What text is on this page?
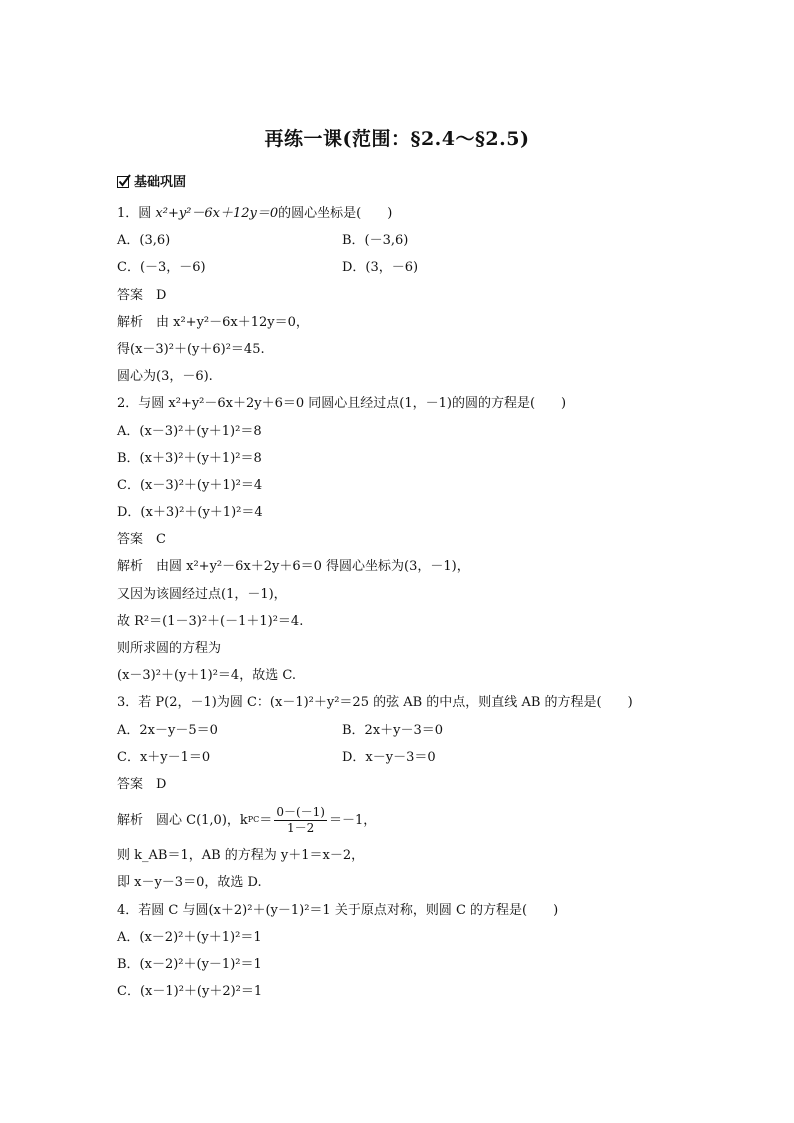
再练一课(范围：§2.4～§2.5)
基础巩固
1．圆 x²+y²－6x＋12y＝0的圆心坐标是(　　)
A．(3,6)	B．(－3,6)
C．(－3，－6)	D．(3，－6)
答案　D
解析　由 x²+y²－6x＋12y＝0，
得(x－3)²＋(y＋6)²＝45.
圆心为(3，－6).
2．与圆 x²+y²－6x＋2y＋6＝0 同圆心且经过点(1，－1)的圆的方程是(　　)
A．(x－3)²＋(y＋1)²＝8
B．(x＋3)²＋(y＋1)²＝8
C．(x－3)²＋(y＋1)²＝4
D．(x＋3)²＋(y＋1)²＝4
答案　C
解析　由圆 x²+y²－6x＋2y＋6＝0 得圆心坐标为(3，－1)，
又因为该圆经过点(1，－1)，
故 R²＝(1－3)²＋(－1＋1)²＝4.
则所求圆的方程为
(x－3)²＋(y＋1)²＝4，故选 C.
3．若 P(2，－1)为圆 C：(x－1)²＋y²＝25 的弦 AB 的中点，则直线 AB 的方程是(　　)
A．2x－y－5＝0	B．2x＋y－3＝0
C．x＋y－1＝0	D．x－y－3＝0
答案　D
解析　圆心 C(1,0)，k PC ＝ $\frac{0-(-1)}{1-2} =-1$，
则 k_AB＝1，AB 的方程为 y＋1＝x－2，
即 x－y－3＝0，故选 D.
4．若圆 C 与圆(x＋2)²＋(y－1)²＝1 关于原点对称，则圆 C 的方程是(　　)
A．(x－2)²＋(y＋1)²＝1
B．(x－2)²＋(y－1)²＝1
C．(x－1)²＋(y＋2)²＝1
